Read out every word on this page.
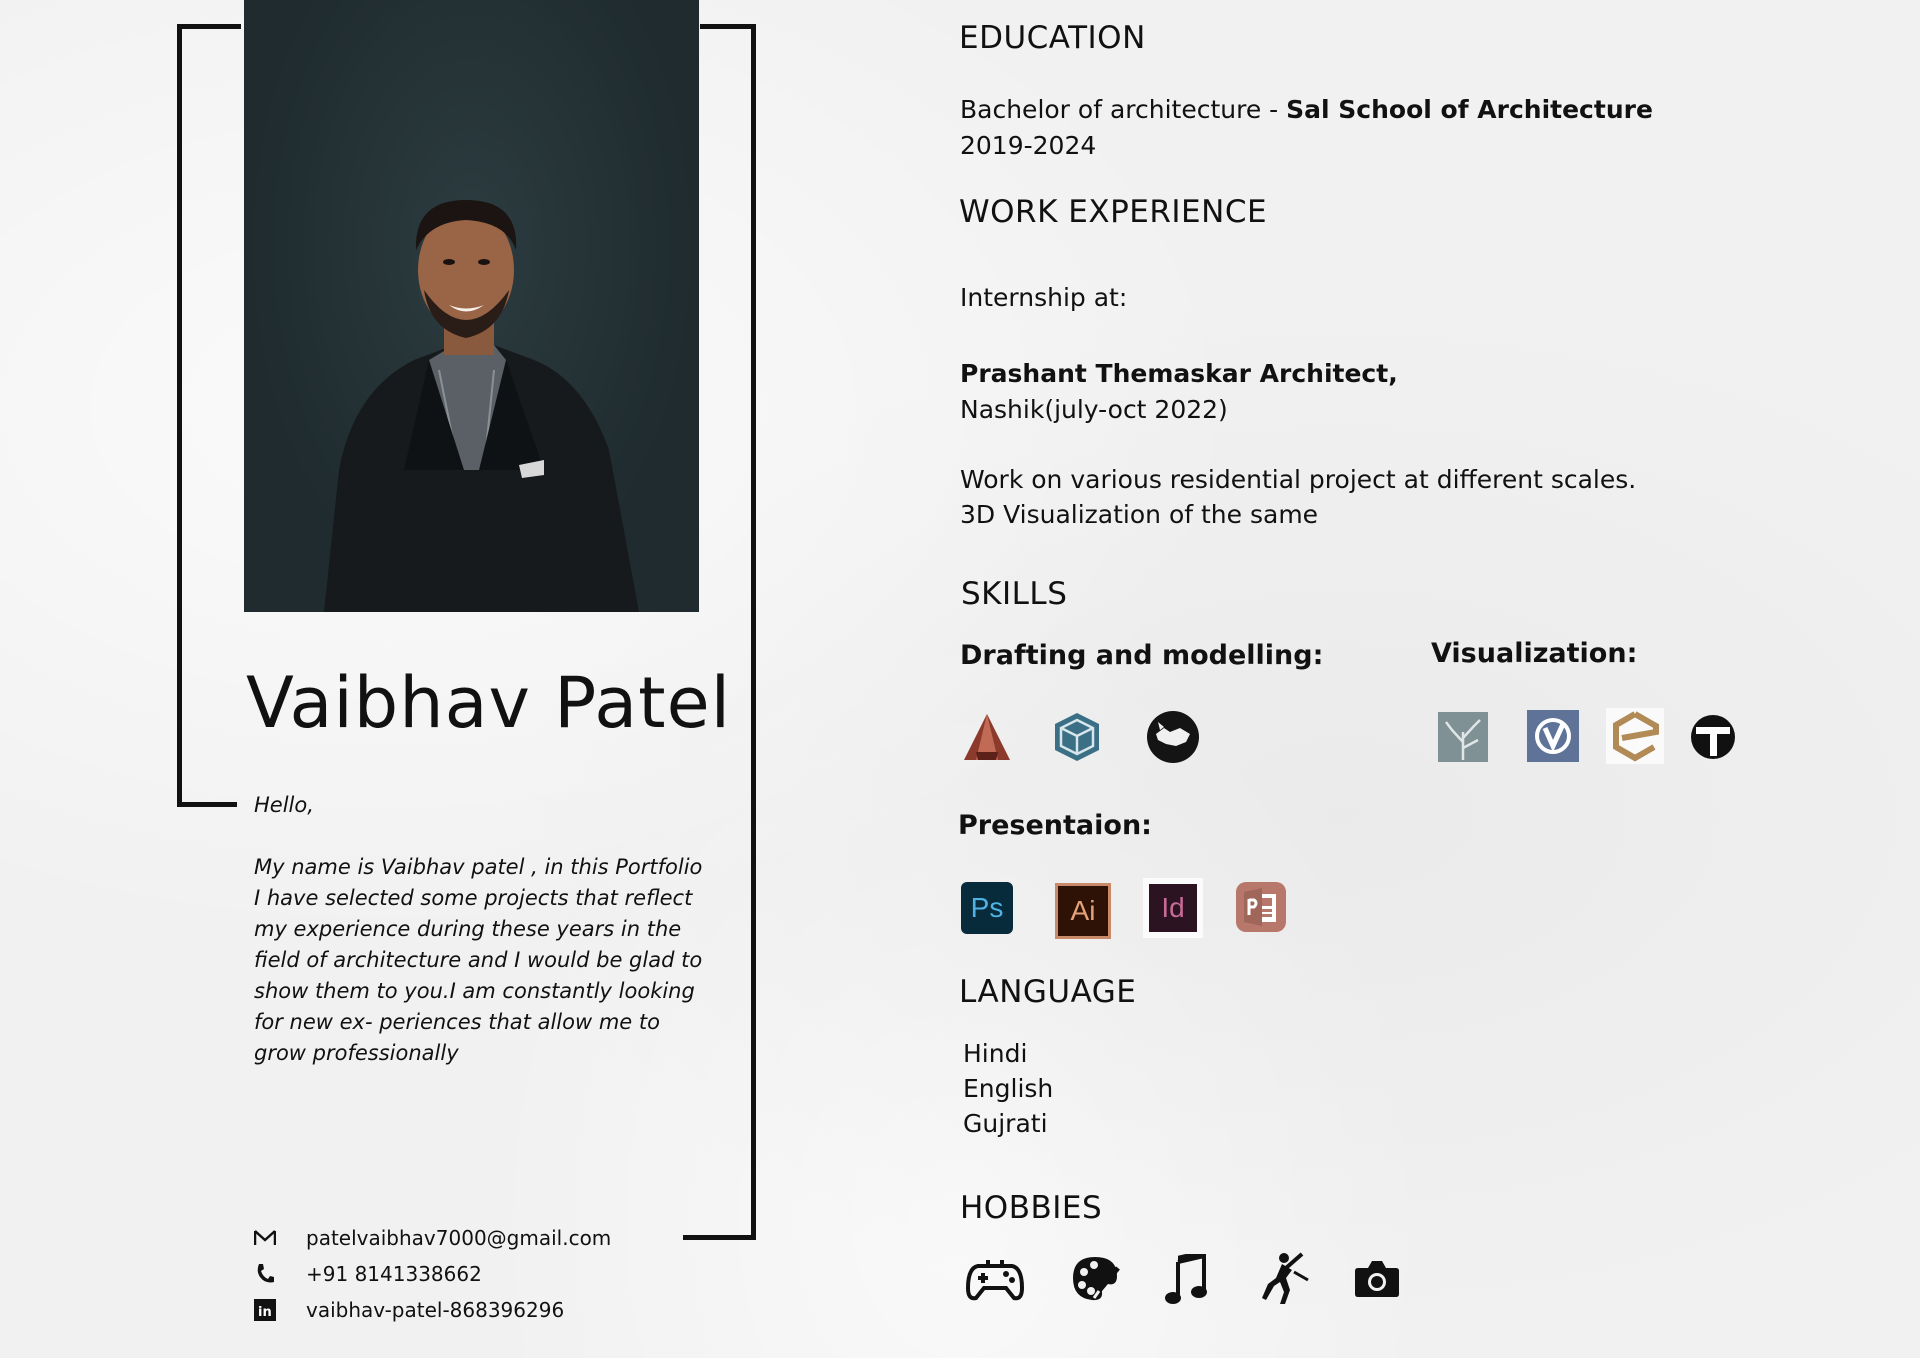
Vaibhav Patel

Hello,

My name is Vaibhav patel , in this Portfolio I have selected some projects that reflect my experience during these years in the field of architecture and I would be glad to show them to you.I am constantly looking for new ex- periences that allow me to grow professionally

patelvaibhav7000@gmail.com
+91 8141338662
in vaibhav-patel-868396296
EDUCATION
Bachelor of architecture - Sal School of Architecture
2019-2024
WORK EXPERIENCE
Internship at:
Prashant Themaskar Architect,
Nashik(july-oct 2022)
Work on various residential project at different scales.
3D Visualization of the same
SKILLS
Drafting and modelling:	Visualization:
Presentaion:
Ps	Ai	Id
LANGUAGE
Hindi
English
Gujrati
HOBBIES
